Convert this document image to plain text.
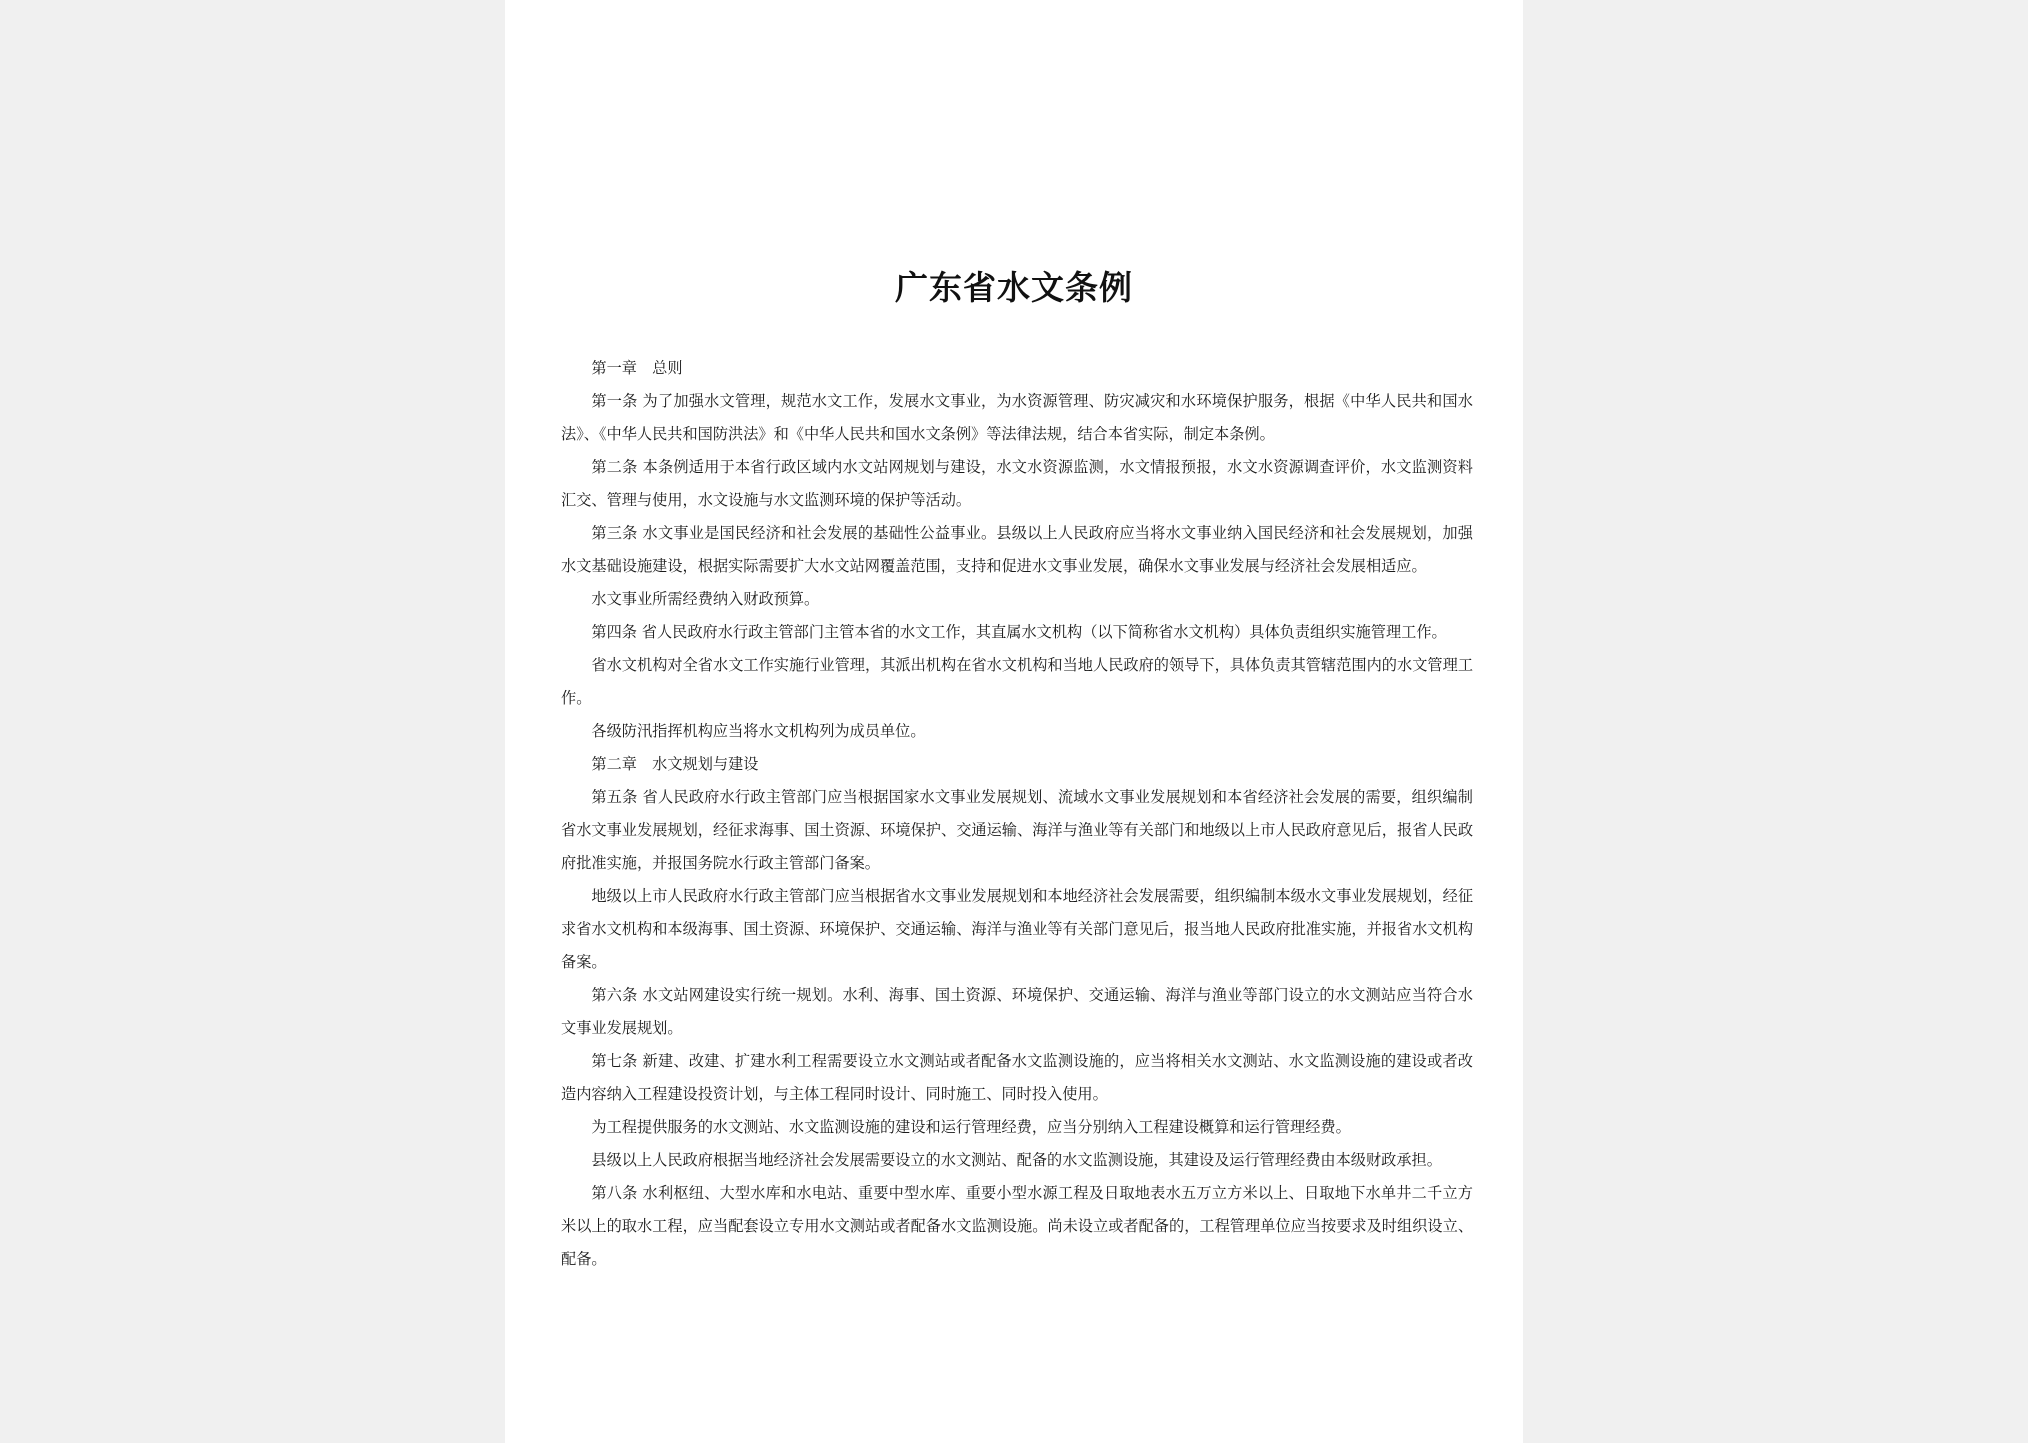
广东省水文条例

第一章　总则

第一条 为了加强水文管理，规范水文工作，发展水文事业，为水资源管理、防灾减灾和水环境保护服务，根据《中华人民共和国水法》、《中华人民共和国防洪法》和《中华人民共和国水文条例》等法律法规，结合本省实际，制定本条例。

第二条 本条例适用于本省行政区域内水文站网规划与建设，水文水资源监测，水文情报预报，水文水资源调查评价，水文监测资料汇交、管理与使用，水文设施与水文监测环境的保护等活动。

第三条 水文事业是国民经济和社会发展的基础性公益事业。县级以上人民政府应当将水文事业纳入国民经济和社会发展规划，加强水文基础设施建设，根据实际需要扩大水文站网覆盖范围，支持和促进水文事业发展，确保水文事业发展与经济社会发展相适应。

水文事业所需经费纳入财政预算。

第四条 省人民政府水行政主管部门主管本省的水文工作，其直属水文机构（以下简称省水文机构）具体负责组织实施管理工作。

省水文机构对全省水文工作实施行业管理，其派出机构在省水文机构和当地人民政府的领导下，具体负责其管辖范围内的水文管理工作。

各级防汛指挥机构应当将水文机构列为成员单位。

第二章　水文规划与建设

第五条 省人民政府水行政主管部门应当根据国家水文事业发展规划、流域水文事业发展规划和本省经济社会发展的需要，组织编制省水文事业发展规划，经征求海事、国土资源、环境保护、交通运输、海洋与渔业等有关部门和地级以上市人民政府意见后，报省人民政府批准实施，并报国务院水行政主管部门备案。

地级以上市人民政府水行政主管部门应当根据省水文事业发展规划和本地经济社会发展需要，组织编制本级水文事业发展规划，经征求省水文机构和本级海事、国土资源、环境保护、交通运输、海洋与渔业等有关部门意见后，报当地人民政府批准实施，并报省水文机构备案。

第六条 水文站网建设实行统一规划。水利、海事、国土资源、环境保护、交通运输、海洋与渔业等部门设立的水文测站应当符合水文事业发展规划。

第七条 新建、改建、扩建水利工程需要设立水文测站或者配备水文监测设施的，应当将相关水文测站、水文监测设施的建设或者改造内容纳入工程建设投资计划，与主体工程同时设计、同时施工、同时投入使用。

为工程提供服务的水文测站、水文监测设施的建设和运行管理经费，应当分别纳入工程建设概算和运行管理经费。

县级以上人民政府根据当地经济社会发展需要设立的水文测站、配备的水文监测设施，其建设及运行管理经费由本级财政承担。

第八条 水利枢纽、大型水库和水电站、重要中型水库、重要小型水源工程及日取地表水五万立方米以上、日取地下水单井二千立方米以上的取水工程，应当配套设立专用水文测站或者配备水文监测设施。尚未设立或者配备的，工程管理单位应当按要求及时组织设立、配备。
